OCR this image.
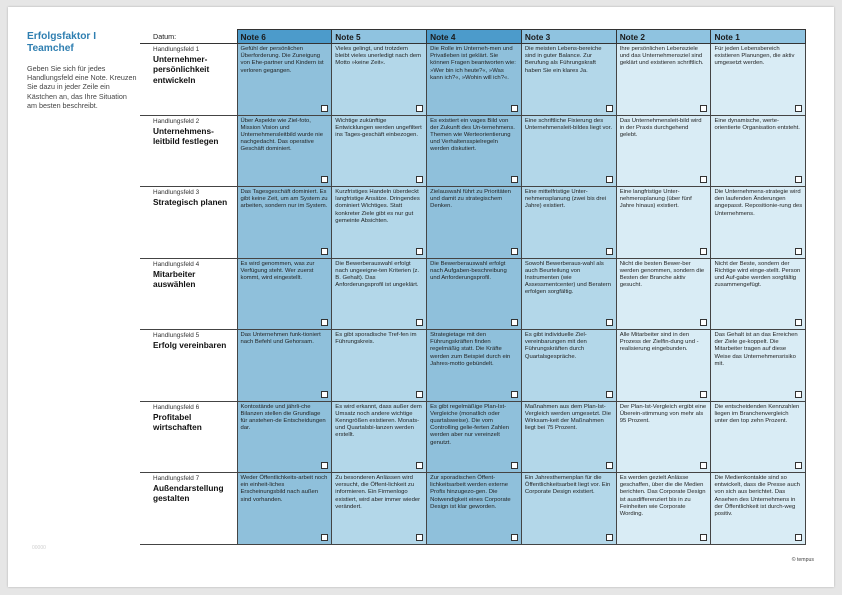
Erfolgsfaktor I
Teamchef
Geben Sie sich für jedes Handlungsfeld eine Note. Kreuzen Sie dazu in jeder Zeile ein Kästchen an, das Ihre Situation am besten beschreibt.
Datum:	Note 6	Note 5	Note 4	Note 3	Note 2	Note 1

Handlungsfeld 1
Unternehmer-persönlichkeit entwickeln	Gefühl der persönlichen Überforderung. Die Zuneigung von Ehe-partner und Kindern ist verloren gegangen.	Vieles gelingt, und trotzdem bleibt vieles unerledigt nach dem Motto »keine Zeit«.	Die Rolle im Unterneh-men und Privatleben ist geklärt. Sie können Fragen beantworten wie: »Wer bin ich heute?«, »Was kann ich?«, »Wohin will ich?«.	Die meisten Lebens-bereiche sind in guter Balance. Zur Berufung als Führungskraft haben Sie ein klares Ja.	Ihre persönlichen Lebensziele und das Unternehmensziel sind geklärt und existieren schriftlich.	Für jeden Lebensbereich existieren Planungen, die aktiv umgesetzt werden.

Handlungsfeld 2
Unternehmens-leitbild festlegen	Über Aspekte wie Ziel-foto, Mission Vision und Unternehmensleitbild wurde nie nachgedacht. Das operative Geschäft dominiert.	Wichtige zukünftige Entwicklungen werden ungefiltert ins Tages-geschäft einbezogen.	Es existiert ein vages Bild von der Zukunft des Un-ternehmens. Themen wie Werteorientierung und Verhaltensspielregeln werden diskutiert.	Eine schriftliche Fixierung des Unternehmensleit-bildes liegt vor.	Das Unternehmensleit-bild wird in der Praxis durchgehend gelebt.	Eine dynamische, werte-orientierte Organisation entsteht.

Handlungsfeld 3
Strategisch planen	Das Tagesgeschäft dominiert. Es gibt keine Zeit, um am System zu arbeiten, sondern nur im System.	Kurzfristiges Handeln überdeckt langfristige Ansätze. Dringendes dominiert Wichtiges. Statt konkreter Ziele gibt es nur gut gemeinte Absichten.	Zielauswahl führt zu Prioritäten und damit zu strategischem Denken.	Eine mittelfristige Unter-nehmensplanung (zwei bis drei Jahre) existiert.	Eine langfristige Unter-nehmensplanung (über fünf Jahre hinaus) existiert.	Die Unternehmens-strategie wird den laufenden Änderungen angepasst. Repositionie-rung des Unternehmens.

Handlungsfeld 4
Mitarbeiter auswählen	Es wird genommen, was zur Verfügung steht. Wer zuerst kommt, wird eingestellt.	Die Bewerberauswahl erfolgt nach ungeeigne-ten Kriterien (z. B. Gehalt). Das Anforderungsprofil ist ungeklärt.	Die Bewerberauswahl erfolgt nach Aufgaben-beschreibung und Anforderungsprofil.	Sowohl Bewerberaus-wahl als auch Beurteilung von Instrumenten (wie Assessmentcenter) und Beratern erfolgen sorgfältig.	Nicht die besten Bewer-ber werden genommen, sondern die Besten der Branche aktiv gesucht.	Nicht der Beste, sondern der Richtige wird einge-stellt. Person und Auf-gabe werden sorgfältig zusammengefügt.

Handlungsfeld 5
Erfolg vereinbaren	Das Unternehmen funk-tioniert nach Befehl und Gehorsam.	Es gibt sporadische Tref-fen im Führungskreis.	Strategietage mit den Führungskräften finden regelmäßig statt. Die Kräfte werden zum Beispiel durch ein Jahres-motto gebündelt.	Es gibt individuelle Ziel-vereinbarungen mit den Führungskräften durch Quartalsgespräche.	Alle Mitarbeiter sind in den Prozess der Zielfin-dung und -realisierung eingebunden.	Das Gehalt ist an das Erreichen der Ziele ge-koppelt. Die Mitarbeiter tragen auf diese Weise das Unternehmensrisiko mit.

Handlungsfeld 6
Profitabel wirtschaften	Kontostände und jährli-che Bilanzen stellen die Grundlage für anstehen-de Entscheidungen dar.	Es wird erkannt, dass außer dem Umsatz noch andere wichtige Kenngrößen existieren. Monats- und Quartalsbi-lanzen werden erstellt.	Es gibt regelmäßige Plan-Ist-Vergleiche (monatlich oder quartalsweise). Die vom Controlling gelie-ferten Zahlen werden aber nur vereinzelt genutzt.	Maßnahmen aus dem Plan-Ist-Vergleich werden umgesetzt. Die Wirksam-keit der Maßnahmen liegt bei 75 Prozent.	Der Plan-Ist-Vergleich ergibt eine Überein-stimmung von mehr als 95 Prozent.	Die entscheidenden Kennzahlen liegen im Branchenvergleich unter den top zehn Prozent.

Handlungsfeld 7
Außendarstellung gestalten	Weder Öffentlichkeits-arbeit noch ein einheit-liches Erscheinungsbild nach außen sind vorhanden.	Zu besonderen Anlässen wird versucht, die Öffent-lichkeit zu informieren. Ein Firmenlogo existiert, wird aber immer wieder verändert.	Zur sporadischen Öffent-lichkeitsarbeit werden externe Profis hinzugezo-gen. Die Notwendigkeit eines Corporate Design ist klar geworden.	Ein Jahresthemenplan für die Öffentlichkeitsarbeit liegt vor. Ein Corporate Design existiert.	Es werden gezielt Anlässe geschaffen, über die die Medien berichten. Das Corporate Design ist ausdifferenziert bis in zu Feinheiten wie Corporate Wording.	Die Medienkontakte sind so entwickelt, dass die Presse auch von sich aus berichtet. Das Ansehen des Unternehmens in der Öffentlichkeit ist durch-weg positiv.
00000
© tempus
